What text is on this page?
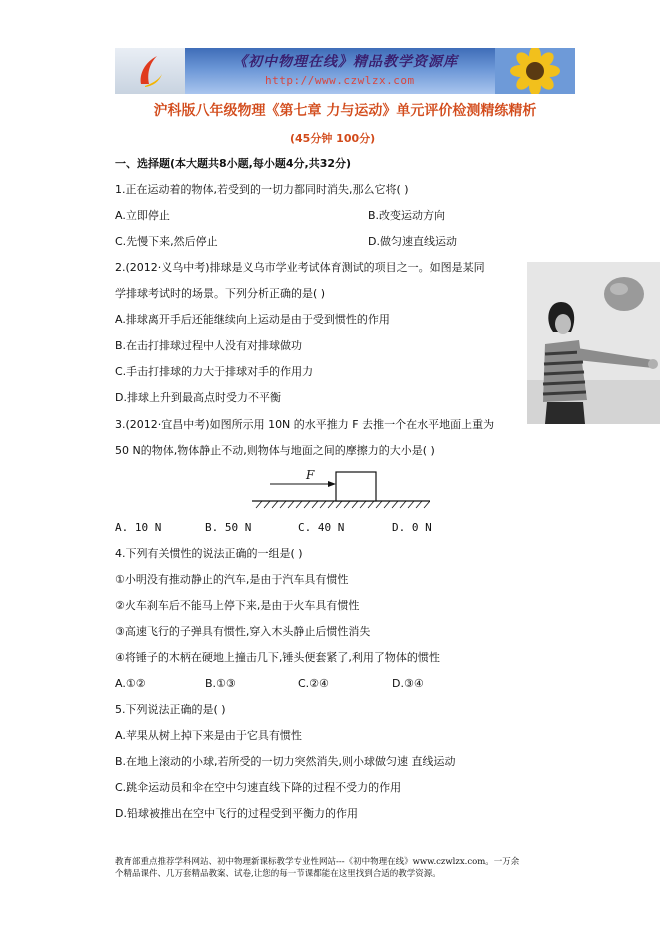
《初中物理在线》精品教学资源库
http://www.czwlzx.com
沪科版八年级物理《第七章 力与运动》单元评价检测精练精析
(45分钟 100分)
一、选择题(本大题共8小题,每小题4分,共32分)
1.正在运动着的物体,若受到的一切力都同时消失,那么它将( )
A.立即停止	B.改变运动方向
C.先慢下来,然后停止	D.做匀速直线运动
2.(2012·义乌中考)排球是义乌市学业考试体育测试的项目之一。如图是某同
学排球考试时的场景。下列分析正确的是( )
A.排球离开手后还能继续向上运动是由于受到惯性的作用
B.在击打排球过程中人没有对排球做功
C.手击打排球的力大于排球对手的作用力
D.排球上升到最高点时受力不平衡
3.(2012·宜昌中考)如图所示用 10N 的水平推力 F 去推一个在水平地面上重为
50 N的物体,物体静止不动,则物体与地面之间的摩擦力的大小是( )
F
A. 10 N	B. 50 N	C. 40 N	D. 0 N
4.下列有关惯性的说法正确的一组是( )
①小明没有推动静止的汽车,是由于汽车具有惯性
②火车刹车后不能马上停下来,是由于火车具有惯性
③高速飞行的子弹具有惯性,穿入木头静止后惯性消失
④将锤子的木柄在硬地上撞击几下,锤头便套紧了,利用了物体的惯性
A.①②	B.①③	C.②④	D.③④
5.下列说法正确的是( )
A.苹果从树上掉下来是由于它具有惯性
B.在地上滚动的小球,若所受的一切力突然消失,则小球做匀速 直线运动
C.跳伞运动员和伞在空中匀速直线下降的过程不受力的作用
D.铅球被推出在空中飞行的过程受到平衡力的作用
教育部重点推荐学科网站、初中物理新课标教学专业性网站---《初中物理在线》www.czwlzx.com。一万余
个精品课件、几万套精品教案、试卷,让您的每一节课都能在这里找到合适的教学资源。
